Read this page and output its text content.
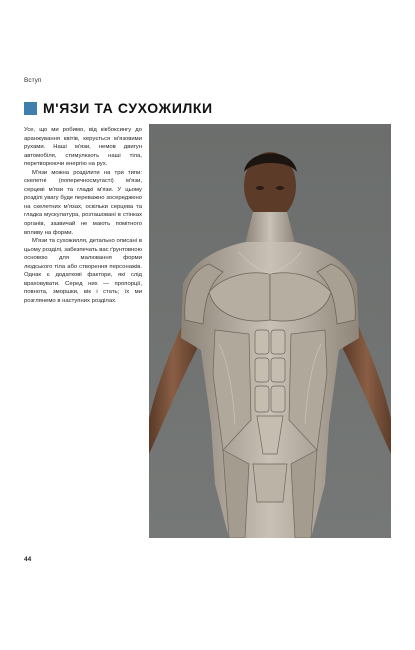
Вступ
М'ЯЗИ ТА СУХОЖИЛКИ

Усе, що ми робимо, від кікбоксингу до аранжування квітів, керується м'язовими рухами. Наші м'язи, немов двигун автомобіля, стимулюють наші тіла, перетворюючи енергію на рух.

М'язи можна розділити на три типи: скелетні (поперечносмугасті) м'язи, серцеві м'язи та гладкі м'язи. У цьому розділі увагу буде переважно зосереджено на скелетних м'язах, оскільки серцева та гладка мускулатура, розташовані в стінках органів, зазвичай не мають помітного впливу на форми.

М'язи та сухожилля, детально описані в цьому розділі, забезпечать вас ґрунтовною основою для малювання форми людського тіла або створення персонажів. Однак є додаткові фактори, які слід враховувати. Серед них — пропорції, повнота, зморшки, вік і стать; їх ми розглянемо в наступних розділах.

44
